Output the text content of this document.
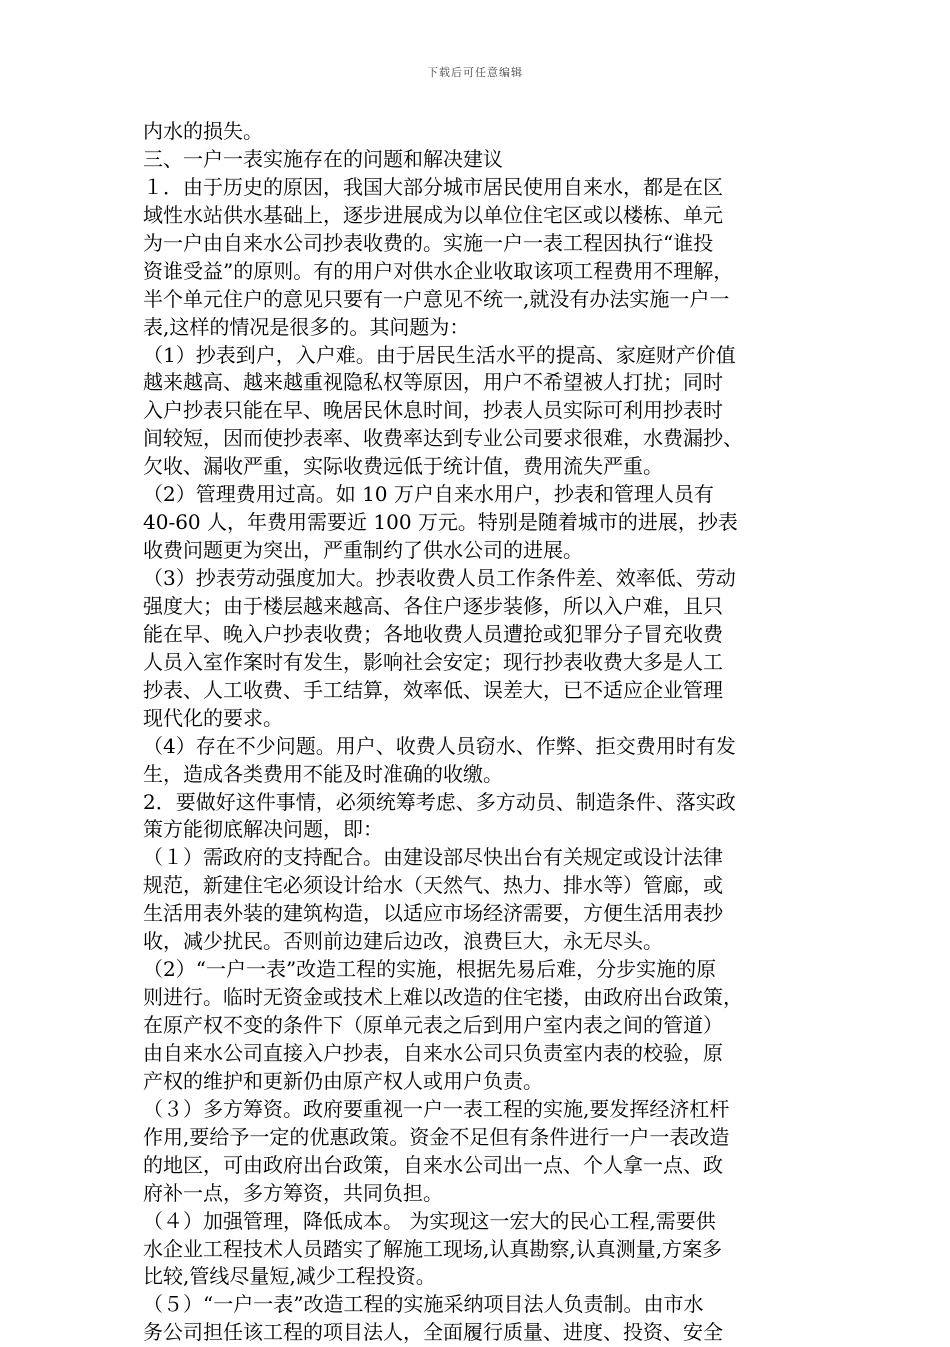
下载后可任意编辑
内水的损失。
三、一户一表实施存在的问题和解决建议
１．由于历史的原因，我国大部分城市居民使用自来水，都是在区
域性水站供水基础上，逐步进展成为以单位住宅区或以楼栋、单元
为一户由自来水公司抄表收费的。实施一户一表工程因执行“谁投
资谁受益”的原则。有的用户对供水企业收取该项工程费用不理解，
半个单元住户的意见只要有一户意见不统一,就没有办法实施一户一
表,这样的情况是很多的。其问题为：
（1）抄表到户，入户难。由于居民生活水平的提高、家庭财产价值
越来越高、越来越重视隐私权等原因，用户不希望被人打扰；同时
入户抄表只能在早、晚居民休息时间，抄表人员实际可利用抄表时
间较短，因而使抄表率、收费率达到专业公司要求很难，水费漏抄、
欠收、漏收严重，实际收费远低于统计值，费用流失严重。
（2）管理费用过高。如 10 万户自来水用户，抄表和管理人员有
40-60 人，年费用需要近 100 万元。特别是随着城市的进展，抄表
收费问题更为突出，严重制约了供水公司的进展。
（3）抄表劳动强度加大。抄表收费人员工作条件差、效率低、劳动
强度大；由于楼层越来越高、各住户逐步装修，所以入户难，且只
能在早、晚入户抄表收费；各地收费人员遭抢或犯罪分子冒充收费
人员入室作案时有发生，影响社会安定；现行抄表收费大多是人工
抄表、人工收费、手工结算，效率低、误差大，已不适应企业管理
现代化的要求。
（4）存在不少问题。用户、收费人员窃水、作弊、拒交费用时有发
生，造成各类费用不能及时准确的收缴。
2．要做好这件事情，必须统筹考虑、多方动员、制造条件、落实政
策方能彻底解决问题，即：
（１）需政府的支持配合。由建设部尽快出台有关规定或设计法律
规范，新建住宅必须设计给水（天然气、热力、排水等）管廊，或
生活用表外装的建筑构造，以适应市场经济需要，方便生活用表抄
收，减少扰民。否则前边建后边改，浪费巨大，永无尽头。
（2）“一户一表”改造工程的实施，根据先易后难，分步实施的原
则进行。临时无资金或技术上难以改造的住宅搂，由政府出台政策，
在原产权不变的条件下（原单元表之后到用户室内表之间的管道）
由自来水公司直接入户抄表，自来水公司只负责室内表的校验，原
产权的维护和更新仍由原产权人或用户负责。
（３）多方筹资。政府要重视一户一表工程的实施,要发挥经济杠杆
作用,要给予一定的优惠政策。资金不足但有条件进行一户一表改造
的地区，可由政府出台政策，自来水公司出一点、个人拿一点、政
府补一点，多方筹资，共同负担。
（４）加强管理，降低成本。 为实现这一宏大的民心工程,需要供
水企业工程技术人员踏实了解施工现场,认真勘察,认真测量,方案多
比较,管线尽量短,减少工程投资。
（５）“一户一表”改造工程的实施采纳项目法人负责制。由市水
务公司担任该工程的项目法人，全面履行质量、进度、投资、安全
